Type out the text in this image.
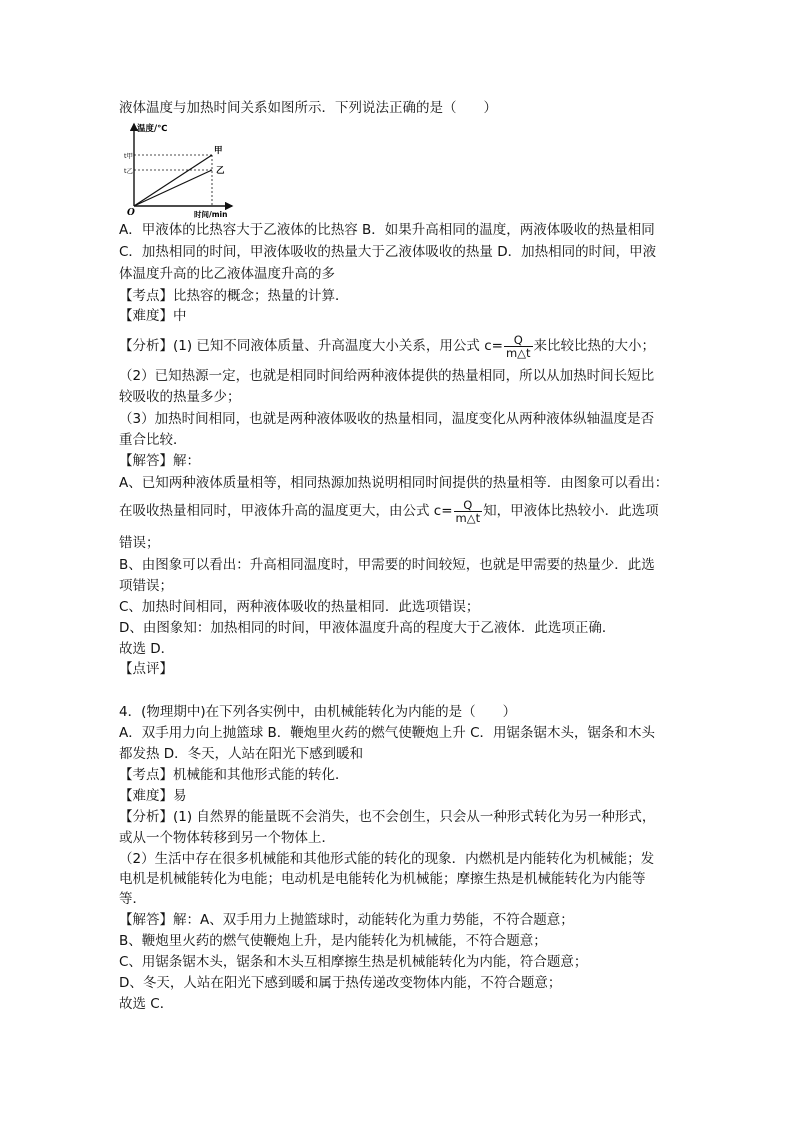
液体温度与加热时间关系如图所示．下列说法正确的是（　　）
温度/℃
t甲
t乙
甲
乙
O	时间/min
A．甲液体的比热容大于乙液体的比热容 B．如果升高相同的温度，两液体吸收的热量相同
C．加热相同的时间，甲液体吸收的热量大于乙液体吸收的热量 D．加热相同的时间，甲液
体温度升高的比乙液体温度升高的多
【考点】比热容的概念；热量的计算．
【难度】中
【分析】(1) 已知不同液体质量、升高温度大小关系，用公式 $c= \frac{Q}{m\triangle t}$ 来比较比热的大小；
（2）已知热源一定，也就是相同时间给两种液体提供的热量相同，所以从加热时间长短比
较吸收的热量多少；
（3）加热时间相同，也就是两种液体吸收的热量相同，温度变化从两种液体纵轴温度是否
重合比较．
【解答】解：
A、已知两种液体质量相等，相同热源加热说明相同时间提供的热量相等．由图象可以看出：
在吸收热量相同时，甲液体升高的温度更大，由公式 $c= \frac{Q}{m\triangle t}$ 知，甲液体比热较小．此选项
错误；
B、由图象可以看出：升高相同温度时，甲需要的时间较短，也就是甲需要的热量少．此选
项错误；
C、加热时间相同，两种液体吸收的热量相同．此选项错误；
D、由图象知：加热相同的时间，甲液体温度升高的程度大于乙液体．此选项正确．
故选 D．
【点评】
4．(物理期中)在下列各实例中，由机械能转化为内能的是（　　）
A．双手用力向上抛篮球 B．鞭炮里火药的燃气使鞭炮上升 C．用锯条锯木头，锯条和木头
都发热 D．冬天，人站在阳光下感到暖和
【考点】机械能和其他形式能的转化．
【难度】易
【分析】(1) 自然界的能量既不会消失，也不会创生，只会从一种形式转化为另一种形式，
或从一个物体转移到另一个物体上．
（2）生活中存在很多机械能和其他形式能的转化的现象．内燃机是内能转化为机械能；发
电机是机械能转化为电能；电动机是电能转化为机械能；摩擦生热是机械能转化为内能等
等．
【解答】解：A、双手用力上抛篮球时，动能转化为重力势能，不符合题意；
B、鞭炮里火药的燃气使鞭炮上升，是内能转化为机械能，不符合题意；
C、用锯条锯木头，锯条和木头互相摩擦生热是机械能转化为内能，符合题意；
D、冬天，人站在阳光下感到暖和属于热传递改变物体内能，不符合题意；
故选 C．
